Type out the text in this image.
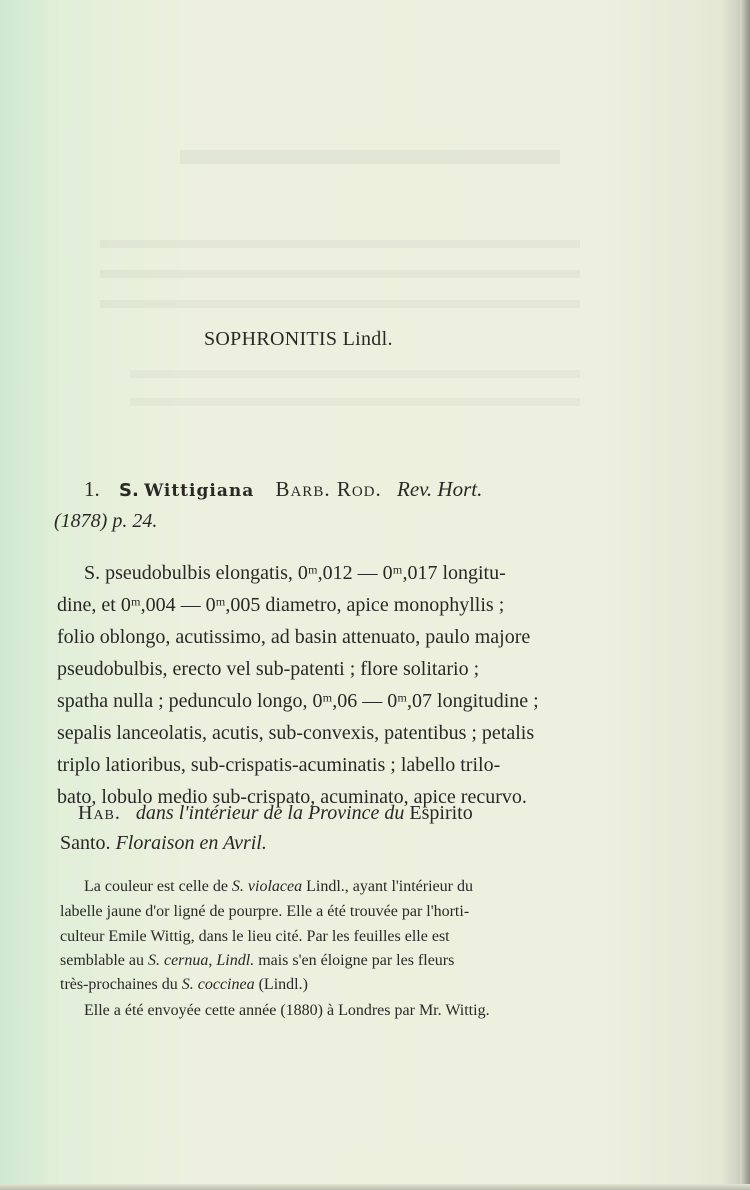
SOPHRONITIS Lindl.
1. S. Wittigiana Barb. Rod. Rev. Hort.
(1878) p. 24.
S. pseudobulbis elongatis, 0ᵐ,012 — 0ᵐ,017 longitu-
dine, et 0ᵐ,004 — 0ᵐ,005 diametro, apice monophyllis ;
folio oblongo, acutissimo, ad basin attenuato, paulo majore
pseudobulbis, erecto vel sub-patenti ; flore solitario ;
spatha nulla ; pedunculo longo, 0ᵐ,06 — 0ᵐ,07 longitudine ;
sepalis lanceolatis, acutis, sub-convexis, patentibus ; petalis
triplo latioribus, sub-crispatis-acuminatis ; labello trilo-
bato, lobulo medio sub-crispato, acuminato, apice recurvo.
Hab. dans l'intérieur de la Province du Espirito
Santo. Floraison en Avril.
La couleur est celle de S. violacea Lindl., ayant l'intérieur du
labelle jaune d'or ligné de pourpre. Elle a été trouvée par l'horti-
culteur Emile Wittig, dans le lieu cité. Par les feuilles elle est
semblable au S. cernua, Lindl. mais s'en éloigne par les fleurs
très-prochaines du S. coccinea (Lindl.)
Elle a été envoyée cette année (1880) à Londres par Mr. Wittig.
